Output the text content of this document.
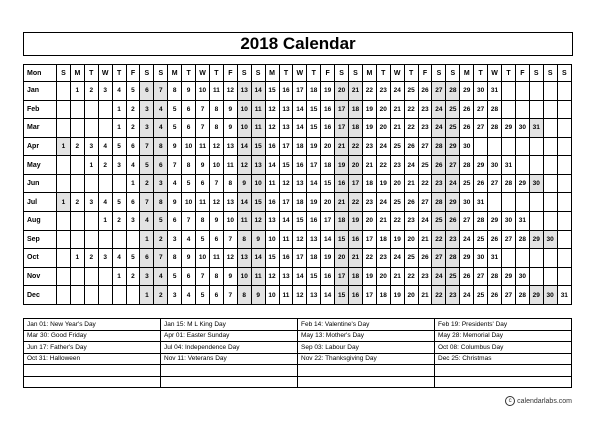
2018 Calendar
Mon	S	M	T	W	T	F	S	S	M	T	W	T	F	S	S	M	T	W	T	F	S	S	M	T	W	T	F	S	S	M	T	W	T	F	S	S	S
Jan		1	2	3	4	5	6	7	8	9	10	11	12	13	14	15	16	17	18	19	20	21	22	23	24	25	26	27	28	29	30	31					
Feb					1	2	3	4	5	6	7	8	9	10	11	12	13	14	15	16	17	18	19	20	21	22	23	24	25	26	27	28					
Mar					1	2	3	4	5	6	7	8	9	10	11	12	13	14	15	16	17	18	19	20	21	22	23	24	25	26	27	28	29	30	31		
Apr	1	2	3	4	5	6	7	8	9	10	11	12	13	14	15	16	17	18	19	20	21	22	23	24	25	26	27	28	29	30							
May			1	2	3	4	5	6	7	8	9	10	11	12	13	14	15	16	17	18	19	20	21	22	23	24	25	26	27	28	29	30	31				
Jun						1	2	3	4	5	6	7	8	9	10	11	12	13	14	15	16	17	18	19	20	21	22	23	24	25	26	27	28	29	30		
Jul	1	2	3	4	5	6	7	8	9	10	11	12	13	14	15	16	17	18	19	20	21	22	23	24	25	26	27	28	29	30	31						
Aug				1	2	3	4	5	6	7	8	9	10	11	12	13	14	15	16	17	18	19	20	21	22	23	24	25	26	27	28	29	30	31			
Sep							1	2	3	4	5	6	7	8	9	10	11	12	13	14	15	16	17	18	19	20	21	22	23	24	25	26	27	28	29	30	
Oct		1	2	3	4	5	6	7	8	9	10	11	12	13	14	15	16	17	18	19	20	21	22	23	24	25	26	27	28	29	30	31					
Nov					1	2	3	4	5	6	7	8	9	10	11	12	13	14	15	16	17	18	19	20	21	22	23	24	25	26	27	28	29	30			
Dec							1	2	3	4	5	6	7	8	9	10	11	12	13	14	15	16	17	18	19	20	21	22	23	24	25	26	27	28	29	30	31
Jan 01: New Year's Day	Jan 15: M L King Day	Feb 14: Valentine's Day	Feb 19: Presidents' Day
Mar 30: Good Friday	Apr 01: Easter Sunday	May 13: Mother's Day	May 28: Memorial Day
Jun 17: Father's Day	Jul 04: Independence Day	Sep 03: Labour Day	Oct 08: Columbus Day
Oct 31: Halloween	Nov 11: Veterans Day	Nov 22: Thanksgiving Day	Dec 25: Christmas

c calendarlabs.com
